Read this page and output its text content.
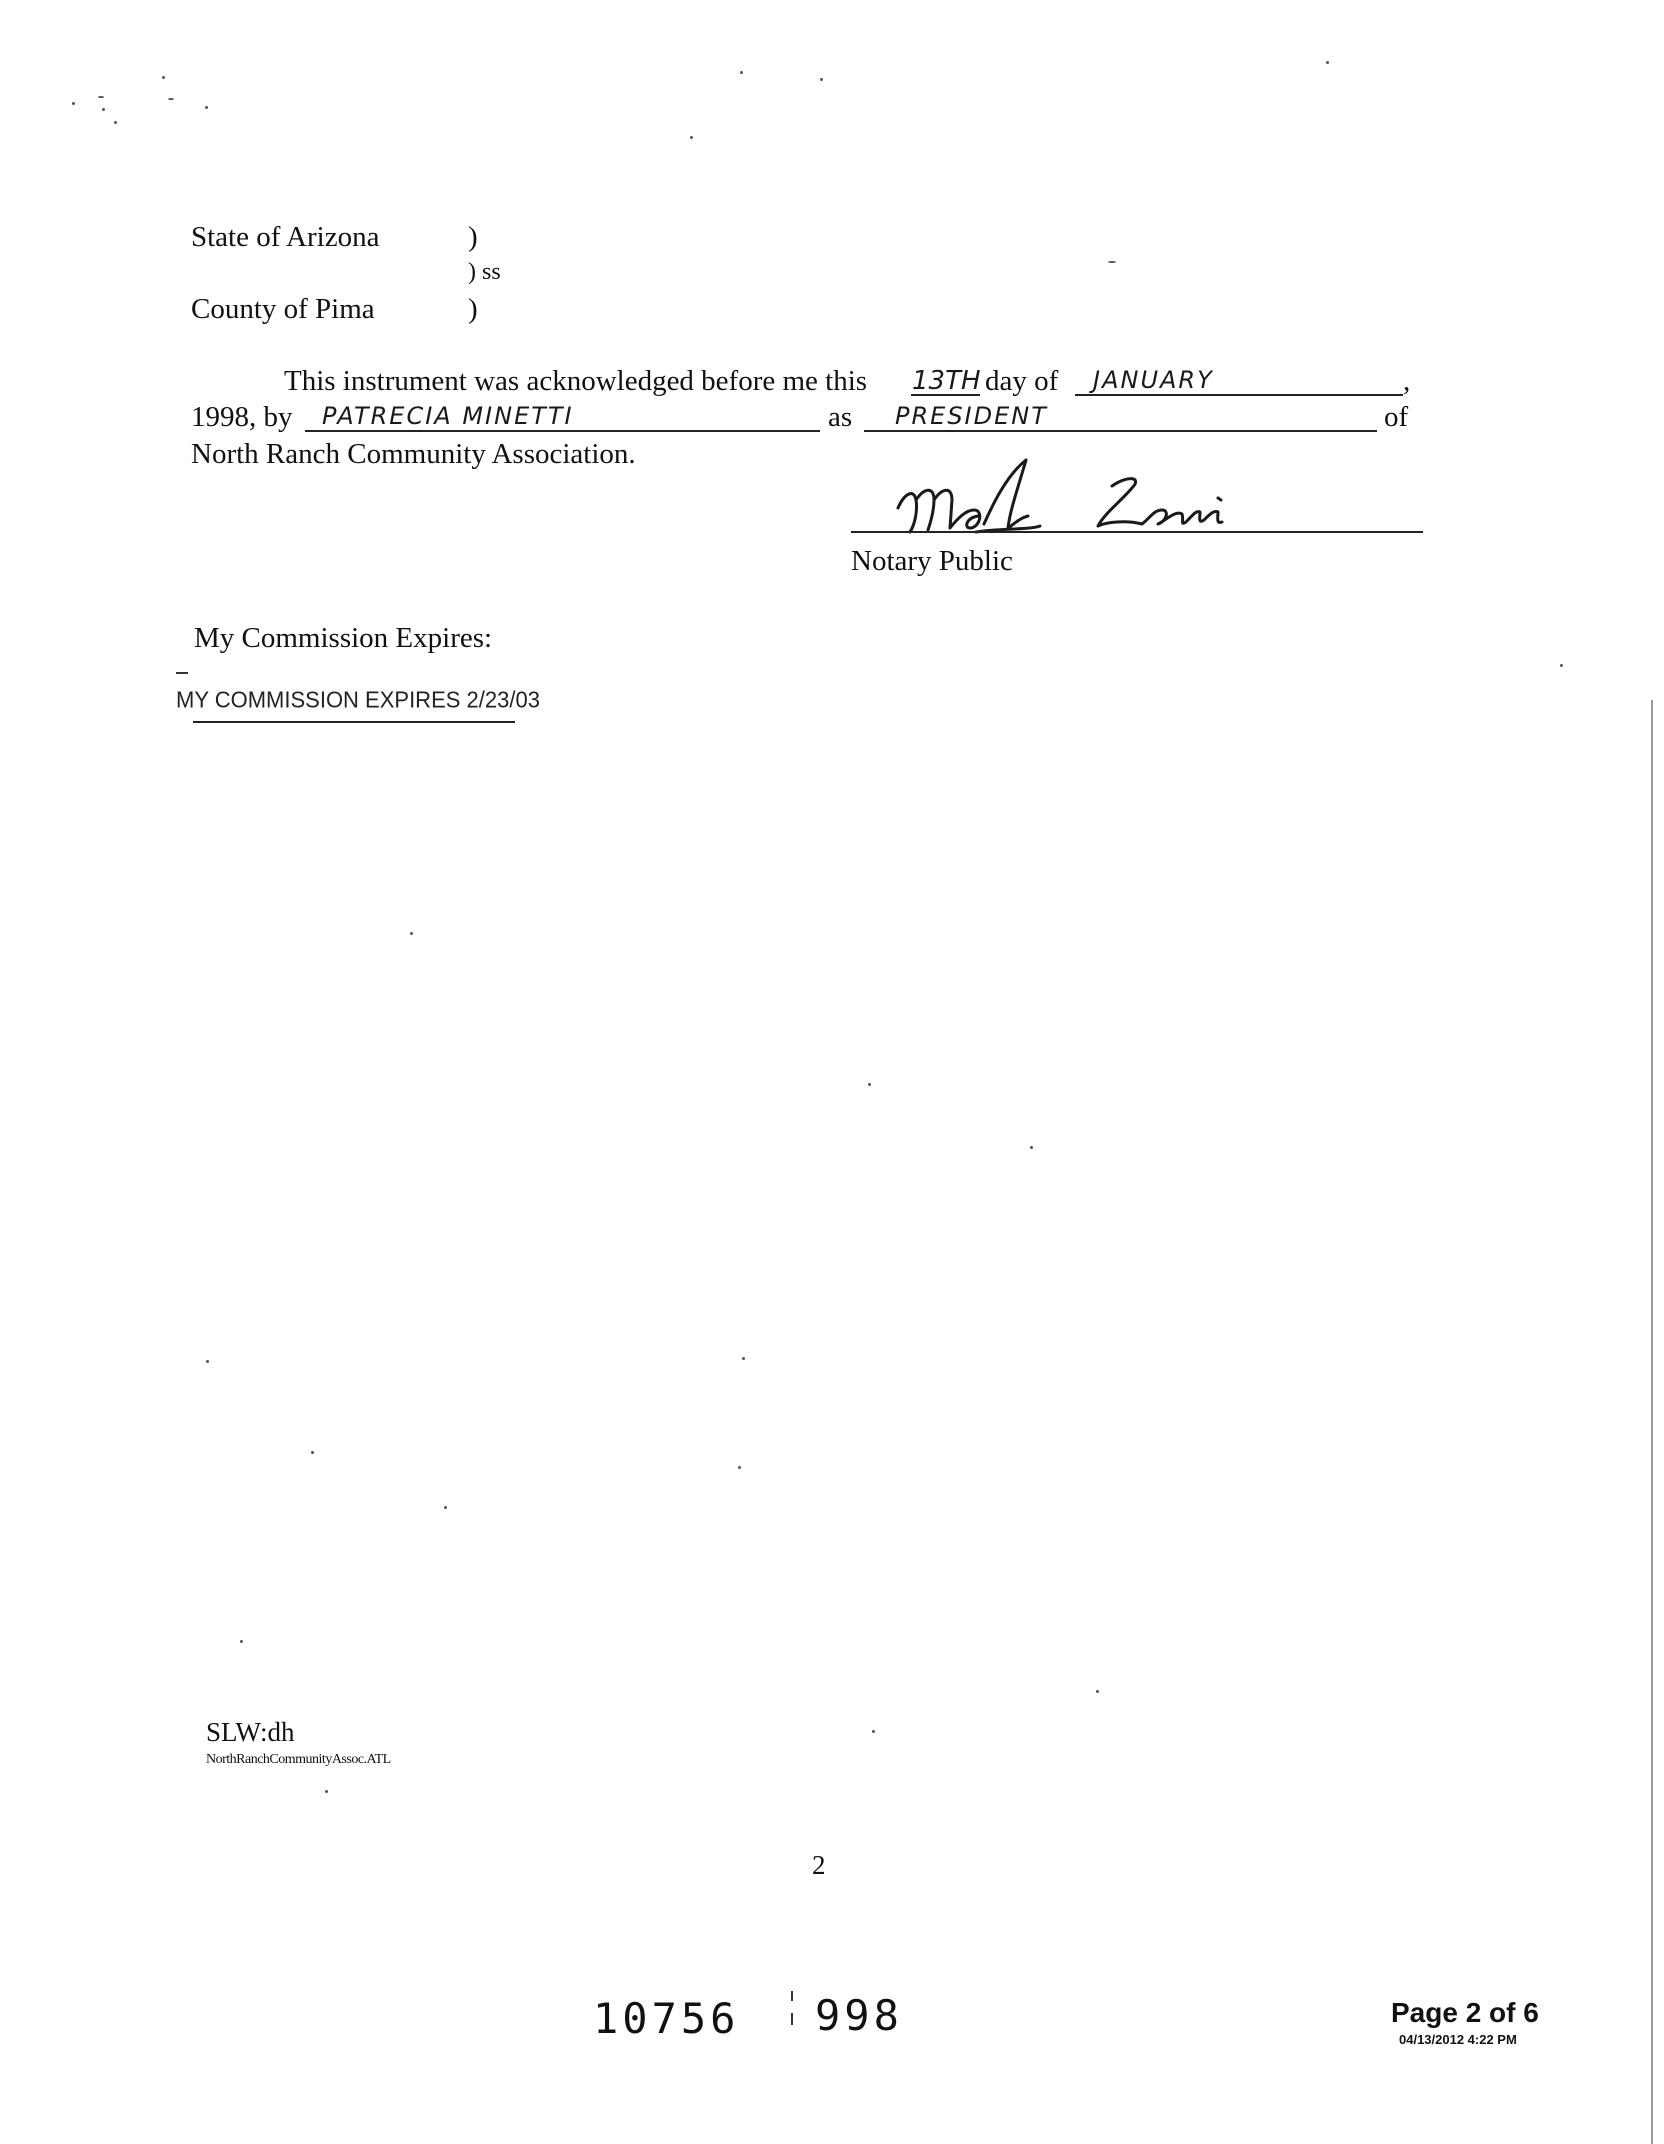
State of Arizona	)
) ss
County of Pima	)
This instrument was acknowledged before me this 13TH day of JANUARY	,
1998, by PATRECIA MINETTI	as PRESIDENT	of
North Ranch Community Association.
Notary Public
My Commission Expires:
MY COMMISSION EXPIRES 2/23/03
SLW:dh
NorthRanchCommunityAssoc.ATL
2
10756 998	Page 2 of 6
04/13/2012 4:22 PM
